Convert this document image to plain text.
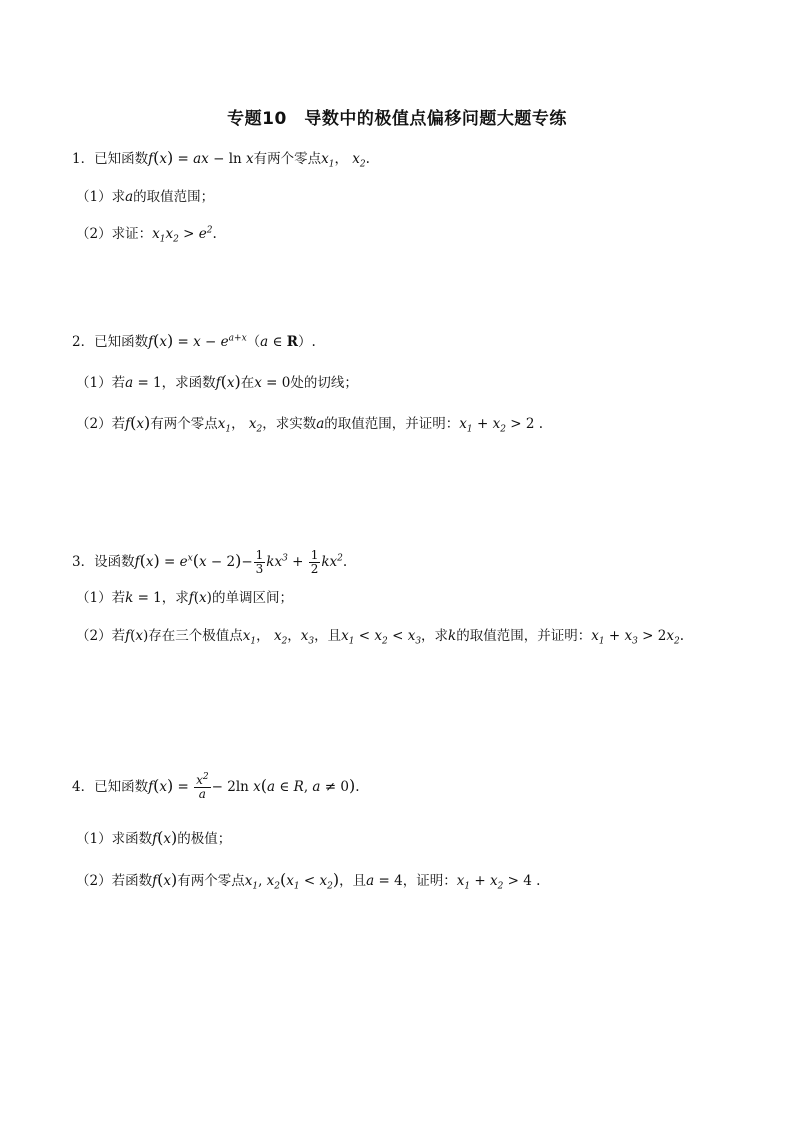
专题10　导数中的极值点偏移问题大题专练
1．已知函数f(x) = ax − ln x有两个零点$x_1$， $x_2$.
（1）求a的取值范围；
（2）求证：$x_1x_2 > e^2$.
2．已知函数$f(x) = x - e^{a+x}(a$ ∈ R）.
（1）若a = 1，求函数f(x)在x = 0处的切线；
（2）若f(x)有两个零点$x_1$， $x_2$，求实数a的取值范围，并证明：$x_1 + x_2 > 2$ .
3．设函数$f(x) = e^x(x - 2)- \frac{1}{3} kx^3 + \frac{1}{2} kx^2$.
（1）若k = 1，求f(x)的单调区间；
（2）若f(x)存在三个极值点$x_1$， $x_2$，$x_3$，且$x_1 < x_2 < x_3$，求k的取值范围，并证明：$x_1 + x_3 > 2x_2$.
4．已知函数$f(x) = \frac{x^2}{a} - 2\ln$ x(a ∈ R, a ≠ 0).
（1）求函数f(x)的极值；
（2）若函数f(x)有两个零点$x_1$, $x_2(x_1 < x_2)$，且a = 4，证明：$x_1 + x_2 > 4$ .
